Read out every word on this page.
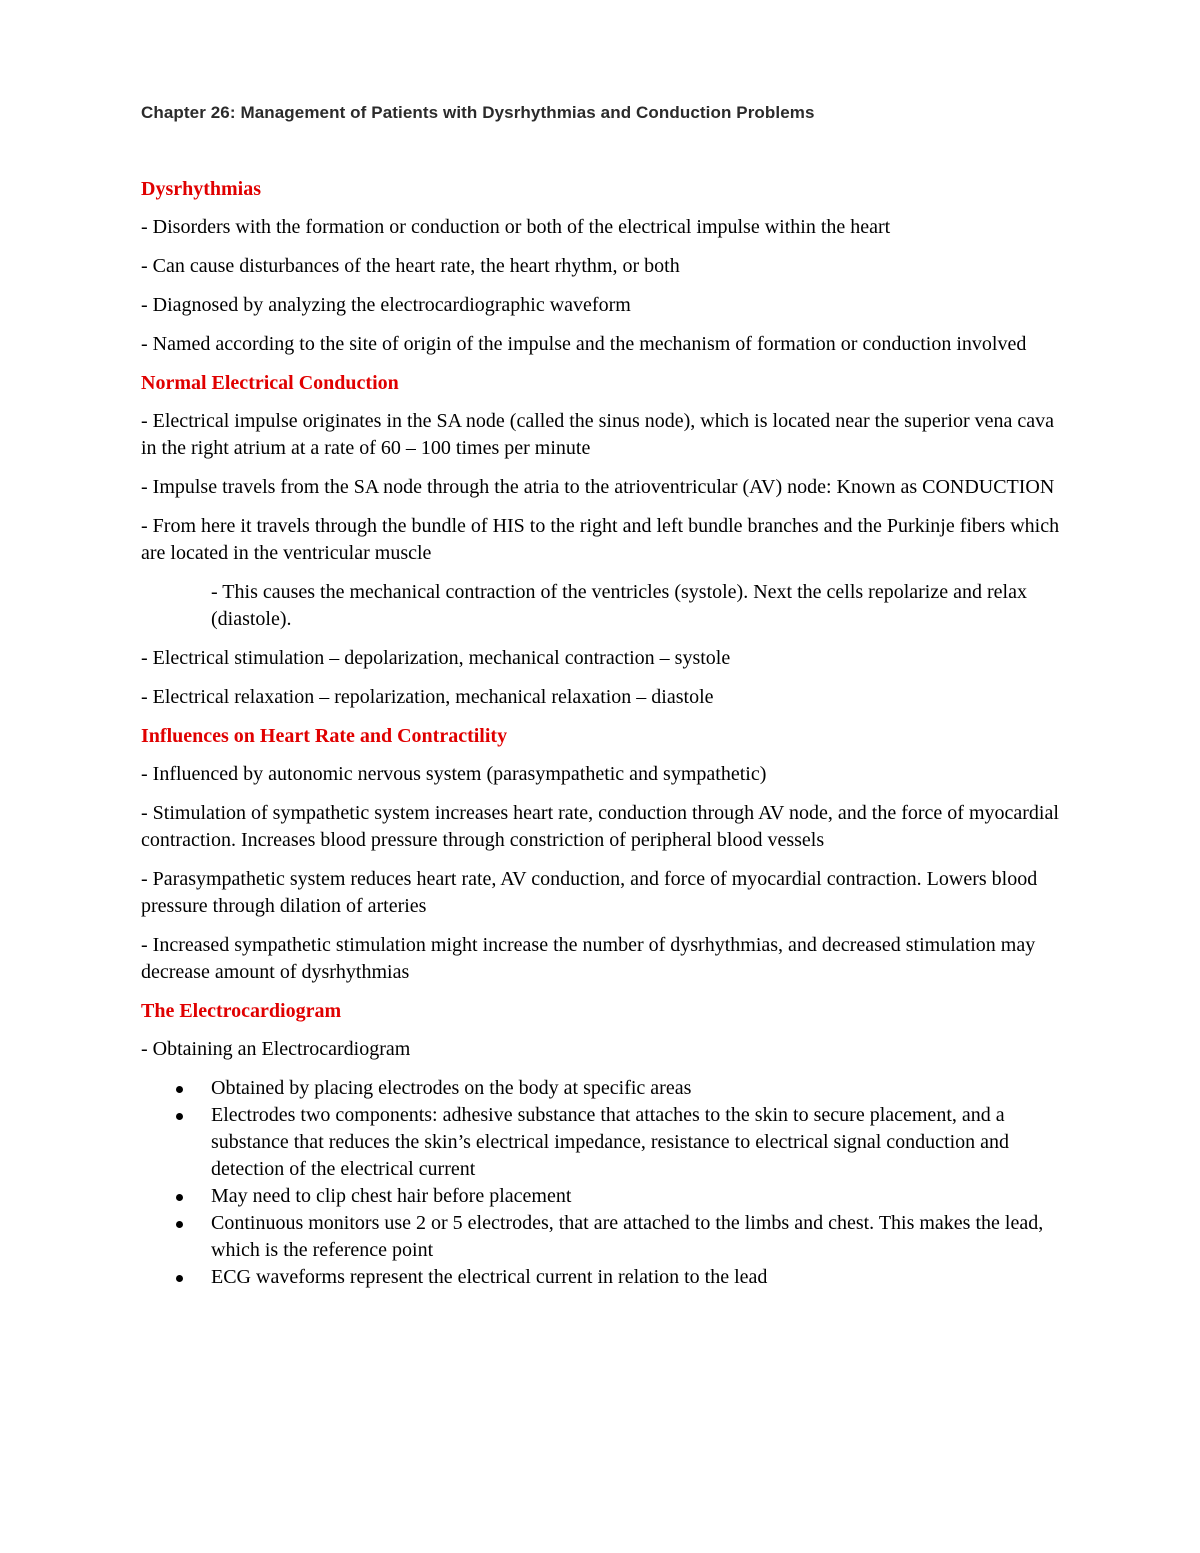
Chapter 26: Management of Patients with Dysrhythmias and Conduction Problems
Dysrhythmias
- Disorders with the formation or conduction or both of the electrical impulse within the heart
- Can cause disturbances of the heart rate, the heart rhythm, or both
- Diagnosed by analyzing the electrocardiographic waveform
- Named according to the site of origin of the impulse and the mechanism of formation or conduction involved
Normal Electrical Conduction
- Electrical impulse originates in the SA node (called the sinus node), which is located near the superior vena cava in the right atrium at a rate of 60 – 100 times per minute
- Impulse travels from the SA node through the atria to the atrioventricular (AV) node: Known as CONDUCTION
- From here it travels through the bundle of HIS to the right and left bundle branches and the Purkinje fibers which are located in the ventricular muscle
- This causes the mechanical contraction of the ventricles (systole). Next the cells repolarize and relax (diastole).
- Electrical stimulation – depolarization, mechanical contraction – systole
- Electrical relaxation – repolarization, mechanical relaxation – diastole
Influences on Heart Rate and Contractility
- Influenced by autonomic nervous system (parasympathetic and sympathetic)
- Stimulation of sympathetic system increases heart rate, conduction through AV node, and the force of myocardial contraction. Increases blood pressure through constriction of peripheral blood vessels
- Parasympathetic system reduces heart rate, AV conduction, and force of myocardial contraction. Lowers blood pressure through dilation of arteries
- Increased sympathetic stimulation might increase the number of dysrhythmias, and decreased stimulation may decrease amount of dysrhythmias
The Electrocardiogram
- Obtaining an Electrocardiogram
Obtained by placing electrodes on the body at specific areas
Electrodes two components: adhesive substance that attaches to the skin to secure placement, and a substance that reduces the skin’s electrical impedance, resistance to electrical signal conduction and detection of the electrical current
May need to clip chest hair before placement
Continuous monitors use 2 or 5 electrodes, that are attached to the limbs and chest. This makes the lead, which is the reference point
ECG waveforms represent the electrical current in relation to the lead
